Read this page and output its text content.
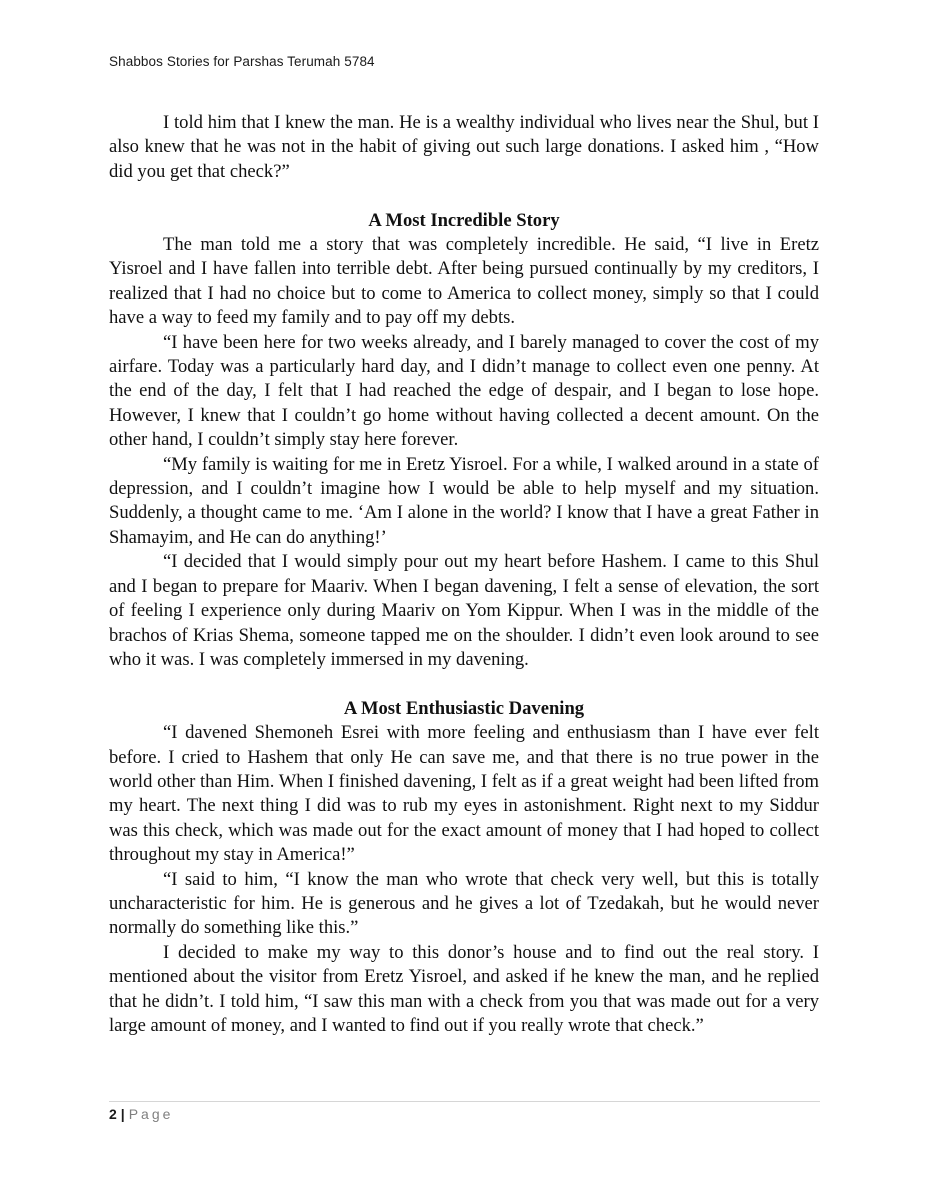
Shabbos Stories for Parshas Terumah 5784

I told him that I knew the man. He is a wealthy individual who lives near the Shul, but I also knew that he was not in the habit of giving out such large donations. I asked him , “How did you get that check?”

A Most Incredible Story

The man told me a story that was completely incredible. He said, “I live in Eretz Yisroel and I have fallen into terrible debt. After being pursued continually by my creditors, I realized that I had no choice but to come to America to collect money, simply so that I could have a way to feed my family and to pay off my debts.

“I have been here for two weeks already, and I barely managed to cover the cost of my airfare. Today was a particularly hard day, and I didn’t manage to collect even one penny. At the end of the day, I felt that I had reached the edge of despair, and I began to lose hope. However, I knew that I couldn’t go home without having collected a decent amount. On the other hand, I couldn’t simply stay here forever.

“My family is waiting for me in Eretz Yisroel. For a while, I walked around in a state of depression, and I couldn’t imagine how I would be able to help myself and my situation. Suddenly, a thought came to me. ‘Am I alone in the world? I know that I have a great Father in Shamayim, and He can do anything!’

“I decided that I would simply pour out my heart before Hashem. I came to this Shul and I began to prepare for Maariv. When I began davening, I felt a sense of elevation, the sort of feeling I experience only during Maariv on Yom Kippur. When I was in the middle of the brachos of Krias Shema, someone tapped me on the shoulder. I didn’t even look around to see who it was. I was completely immersed in my davening.

A Most Enthusiastic Davening

“I davened Shemoneh Esrei with more feeling and enthusiasm than I have ever felt before. I cried to Hashem that only He can save me, and that there is no true power in the world other than Him. When I finished davening, I felt as if a great weight had been lifted from my heart. The next thing I did was to rub my eyes in astonishment. Right next to my Siddur was this check, which was made out for the exact amount of money that I had hoped to collect throughout my stay in America!”

“I said to him, “I know the man who wrote that check very well, but this is totally uncharacteristic for him. He is generous and he gives a lot of Tzedakah, but he would never normally do something like this.”

I decided to make my way to this donor’s house and to find out the real story. I mentioned about the visitor from Eretz Yisroel, and asked if he knew the man, and he replied that he didn’t. I told him, “I saw this man with a check from you that was made out for a very large amount of money, and I wanted to find out if you really wrote that check.”

2 | Page
